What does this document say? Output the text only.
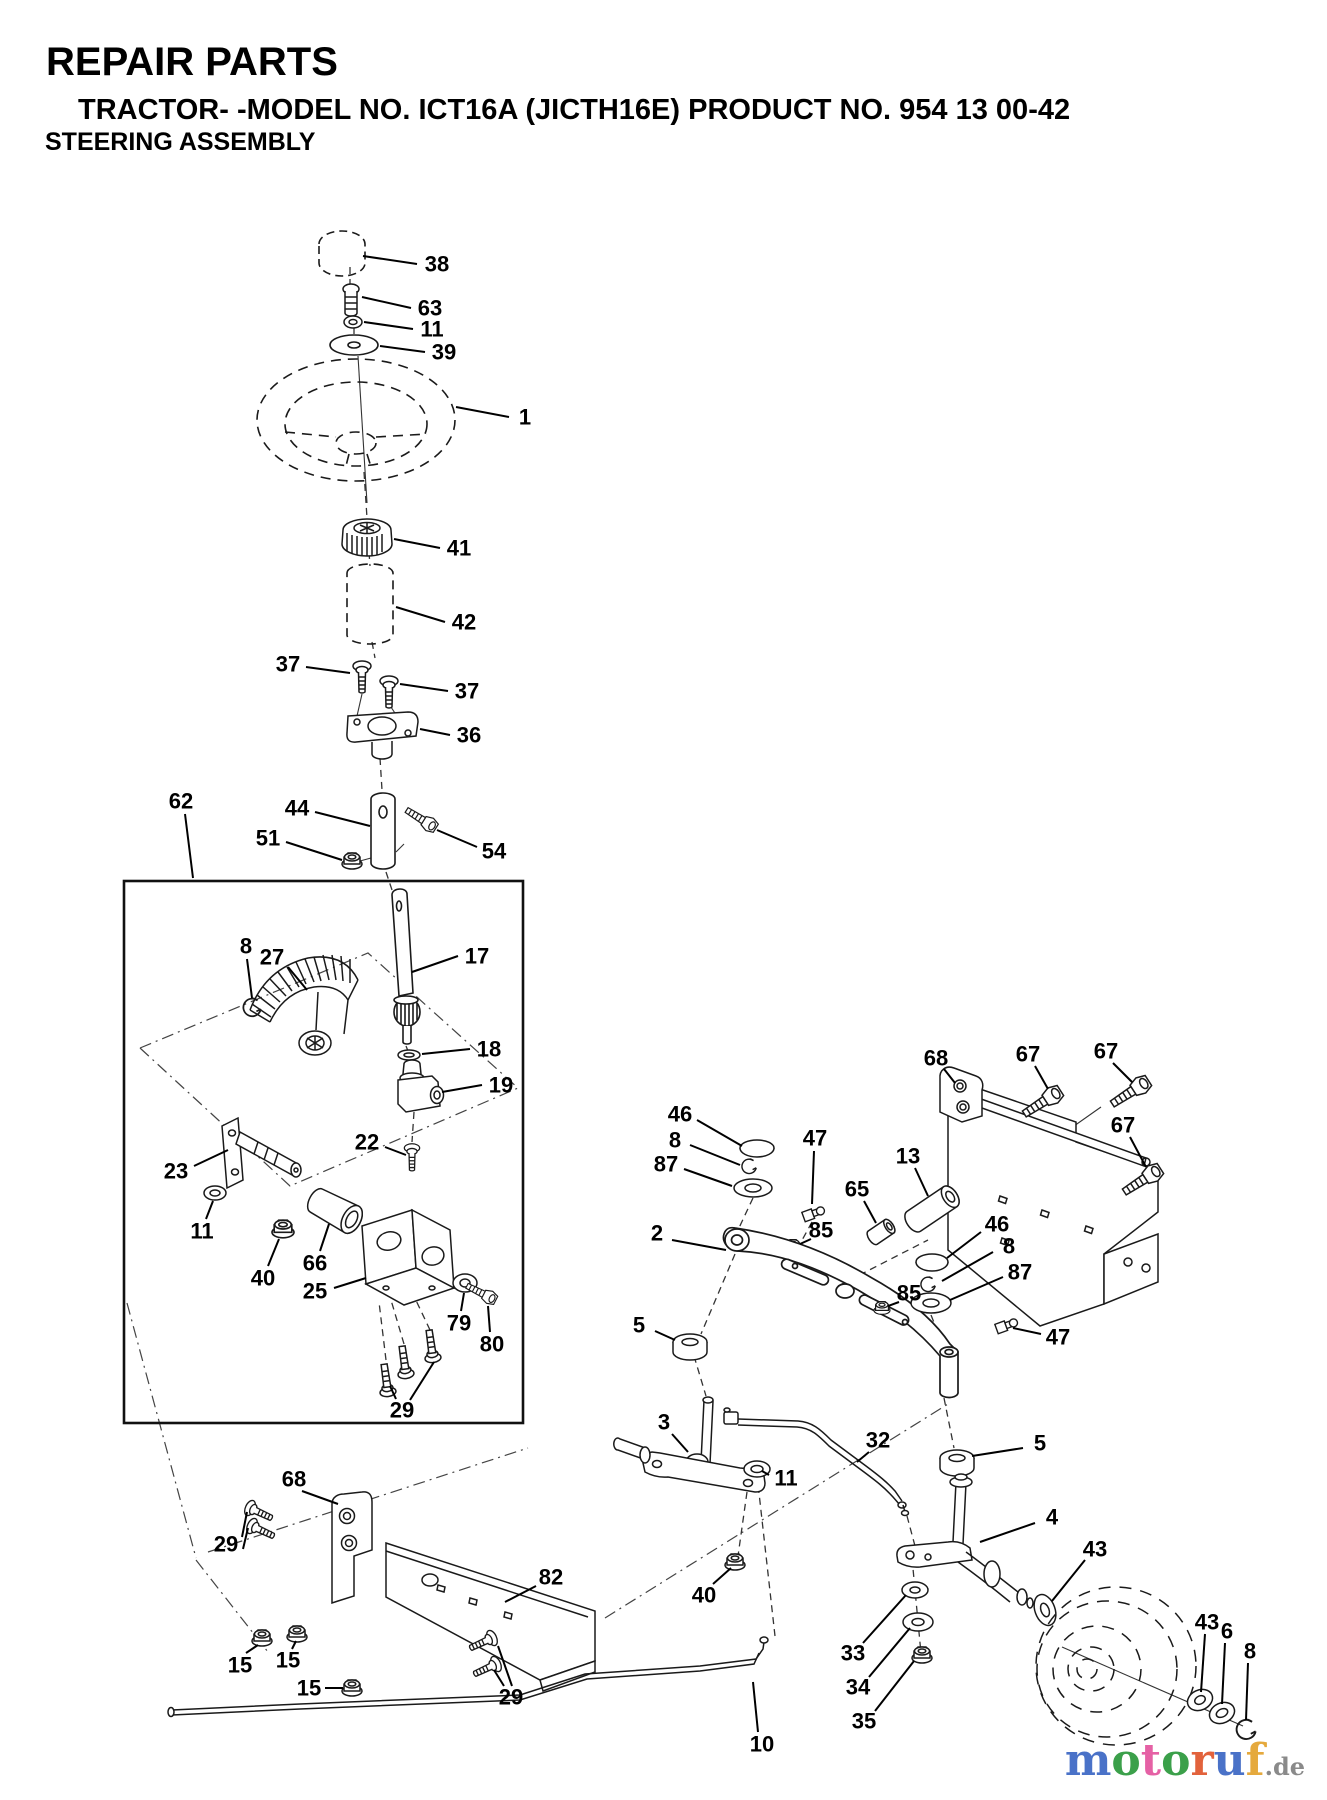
REPAIR PARTS
TRACTOR- -MODEL NO. ICT16A (JICTH16E) PRODUCT NO. 954 13 00-42
STEERING ASSEMBLY
38
63
11
39
1
41
42
37
37
36
62	44
51
54
8 27	17
18
19
22
23
11
40
66
25
79
80
29
68	67 67
67
46
8
87
47
13
65
85
2	46
8
87
85
47
5
5
3
32
11
4
40
43
82
68
29
15 15
15	29
10
33
34
35
43 6
8
motoruf.de
